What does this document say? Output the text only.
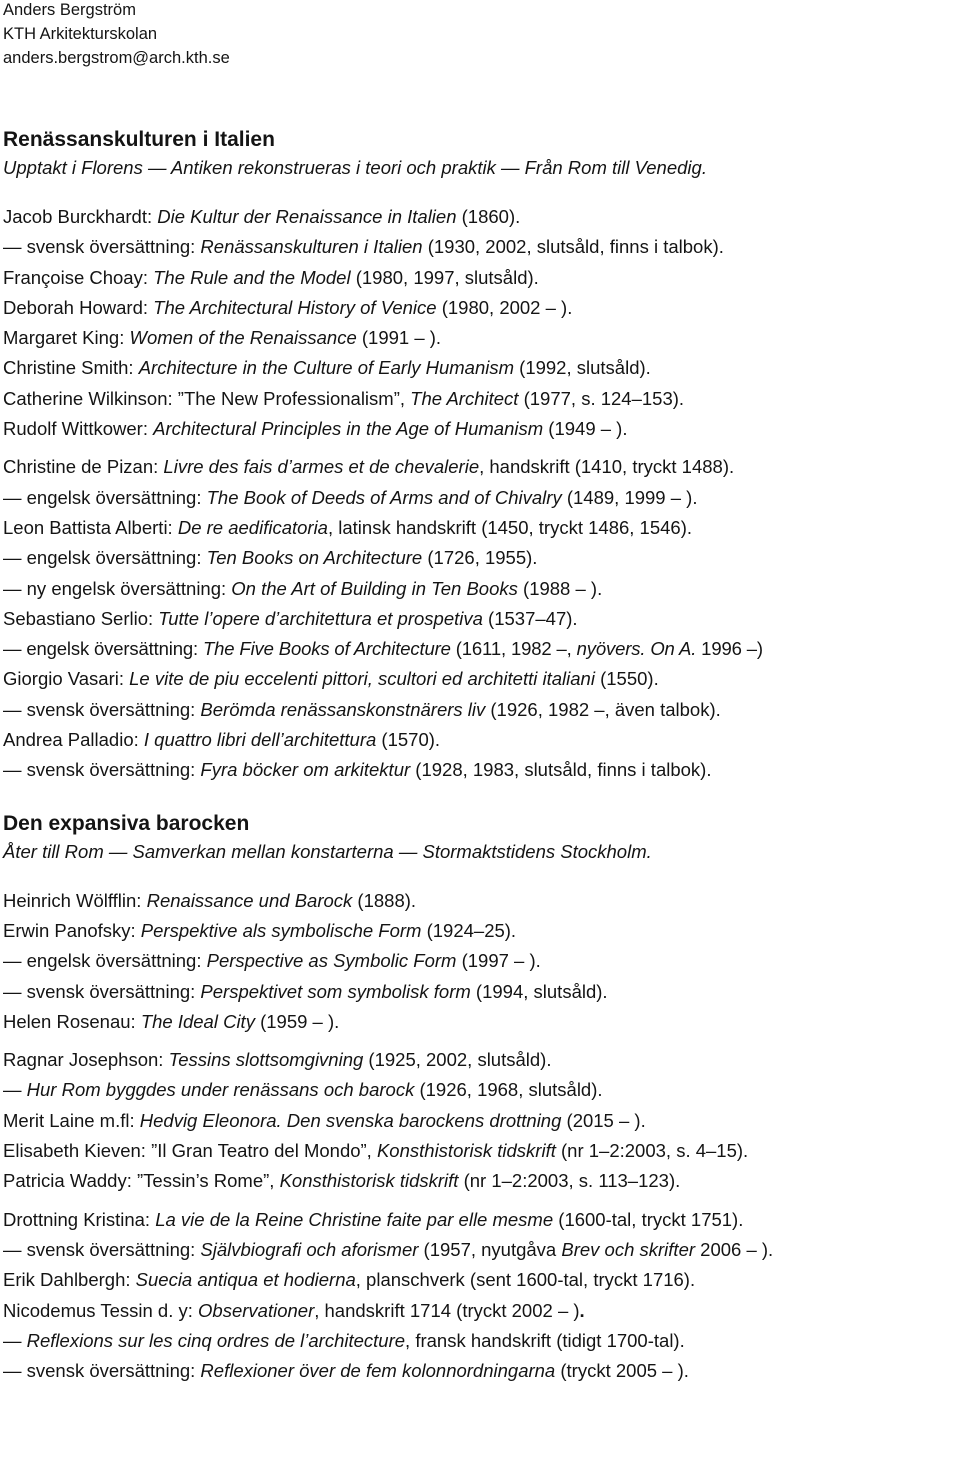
Anders Bergström
KTH Arkitekturskolan
anders.bergstrom@arch.kth.se
Renässanskulturen i Italien
Upptakt i Florens — Antiken rekonstrueras i teori och praktik — Från Rom till Venedig.
Jacob Burckhardt: Die Kultur der Renaissance in Italien (1860).
— svensk översättning: Renässanskulturen i Italien (1930, 2002, slutsåld, finns i talbok).
Françoise Choay: The Rule and the Model (1980, 1997, slutsåld).
Deborah Howard: The Architectural History of Venice (1980, 2002 – ).
Margaret King: Women of the Renaissance (1991 – ).
Christine Smith: Architecture in the Culture of Early Humanism (1992, slutsåld).
Catherine Wilkinson: ”The New Professionalism”, The Architect (1977, s. 124–153).
Rudolf Wittkower: Architectural Principles in the Age of Humanism (1949 – ).
Christine de Pizan: Livre des fais d’armes et de chevalerie, handskrift (1410, tryckt 1488).
— engelsk översättning: The Book of Deeds of Arms and of Chivalry (1489, 1999 – ).
Leon Battista Alberti: De re aedificatoria, latinsk handskrift (1450, tryckt 1486, 1546).
— engelsk översättning: Ten Books on Architecture (1726, 1955).
— ny engelsk översättning: On the Art of Building in Ten Books (1988 – ).
Sebastiano Serlio: Tutte l’opere d’architettura et prospetiva (1537–47).
— engelsk översättning: The Five Books of Architecture (1611, 1982 –, nyövers. On A. 1996 –)
Giorgio Vasari: Le vite de piu eccelenti pittori, scultori ed architetti italiani (1550).
— svensk översättning: Berömda renässanskonstnärers liv (1926, 1982 –, även talbok).
Andrea Palladio: I quattro libri dell’architettura (1570).
— svensk översättning: Fyra böcker om arkitektur (1928, 1983, slutsåld, finns i talbok).
Den expansiva barocken
Åter till Rom — Samverkan mellan konstarterna — Stormaktstidens Stockholm.
Heinrich Wölfflin: Renaissance und Barock (1888).
Erwin Panofsky: Perspektive als symbolische Form (1924–25).
— engelsk översättning: Perspective as Symbolic Form (1997 – ).
— svensk översättning: Perspektivet som symbolisk form (1994, slutsåld).
Helen Rosenau: The Ideal City (1959 – ).
Ragnar Josephson: Tessins slottsomgivning (1925, 2002, slutsåld).
— Hur Rom byggdes under renässans och barock (1926, 1968, slutsåld).
Merit Laine m.fl: Hedvig Eleonora. Den svenska barockens drottning (2015 – ).
Elisabeth Kieven: ”Il Gran Teatro del Mondo”, Konsthistorisk tidskrift (nr 1–2:2003, s. 4–15).
Patricia Waddy: ”Tessin’s Rome”, Konsthistorisk tidskrift (nr 1–2:2003, s. 113–123).
Drottning Kristina: La vie de la Reine Christine faite par elle mesme (1600-tal, tryckt 1751).
— svensk översättning: Självbiografi och aforismer (1957, nyutgåva Brev och skrifter 2006 – ).
Erik Dahlbergh: Suecia antiqua et hodierna, planschverk (sent 1600-tal, tryckt 1716).
Nicodemus Tessin d. y: Observationer, handskrift 1714 (tryckt 2002 – ).
— Reflexions sur les cinq ordres de l’architecture, fransk handskrift (tidigt 1700-tal).
— svensk översättning: Reflexioner över de fem kolonnordningarna (tryckt 2005 – ).
